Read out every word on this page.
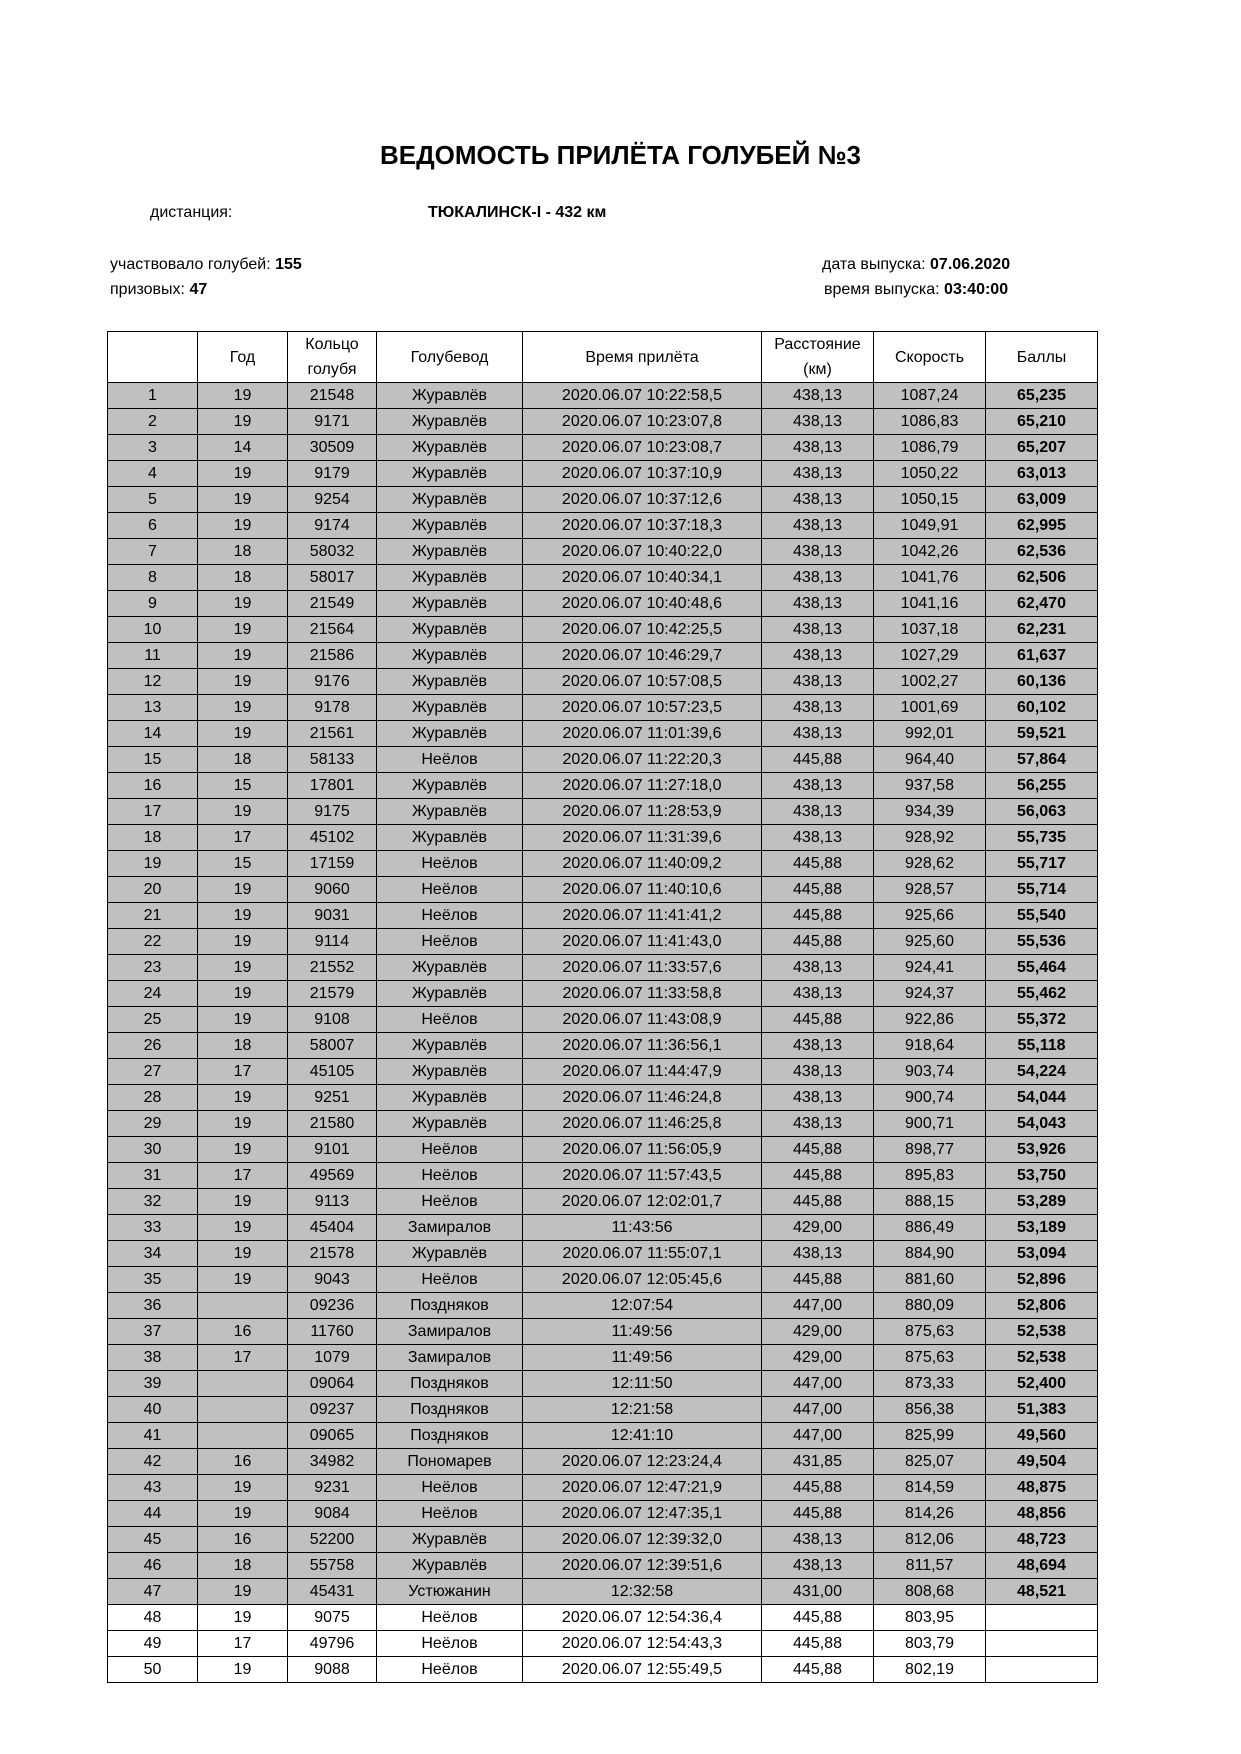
ВЕДОМОСТЬ ПРИЛЁТА ГОЛУБЕЙ №3
дистанция:	ТЮКАЛИНСК-I - 432 км
участвовало голубей: 155
призовых: 47
дата выпуска: 07.06.2020
время выпуска: 03:40:00
	Год	Кольцо голубя	Голубевод	Время прилёта	Расстояние (км)	Скорость	Баллы
1	19	21548	Журавлёв	2020.06.07 10:22:58,5	438,13	1087,24	65,235
2	19	9171	Журавлёв	2020.06.07 10:23:07,8	438,13	1086,83	65,210
3	14	30509	Журавлёв	2020.06.07 10:23:08,7	438,13	1086,79	65,207
4	19	9179	Журавлёв	2020.06.07 10:37:10,9	438,13	1050,22	63,013
5	19	9254	Журавлёв	2020.06.07 10:37:12,6	438,13	1050,15	63,009
6	19	9174	Журавлёв	2020.06.07 10:37:18,3	438,13	1049,91	62,995
7	18	58032	Журавлёв	2020.06.07 10:40:22,0	438,13	1042,26	62,536
8	18	58017	Журавлёв	2020.06.07 10:40:34,1	438,13	1041,76	62,506
9	19	21549	Журавлёв	2020.06.07 10:40:48,6	438,13	1041,16	62,470
10	19	21564	Журавлёв	2020.06.07 10:42:25,5	438,13	1037,18	62,231
11	19	21586	Журавлёв	2020.06.07 10:46:29,7	438,13	1027,29	61,637
12	19	9176	Журавлёв	2020.06.07 10:57:08,5	438,13	1002,27	60,136
13	19	9178	Журавлёв	2020.06.07 10:57:23,5	438,13	1001,69	60,102
14	19	21561	Журавлёв	2020.06.07 11:01:39,6	438,13	992,01	59,521
15	18	58133	Неёлов	2020.06.07 11:22:20,3	445,88	964,40	57,864
16	15	17801	Журавлёв	2020.06.07 11:27:18,0	438,13	937,58	56,255
17	19	9175	Журавлёв	2020.06.07 11:28:53,9	438,13	934,39	56,063
18	17	45102	Журавлёв	2020.06.07 11:31:39,6	438,13	928,92	55,735
19	15	17159	Неёлов	2020.06.07 11:40:09,2	445,88	928,62	55,717
20	19	9060	Неёлов	2020.06.07 11:40:10,6	445,88	928,57	55,714
21	19	9031	Неёлов	2020.06.07 11:41:41,2	445,88	925,66	55,540
22	19	9114	Неёлов	2020.06.07 11:41:43,0	445,88	925,60	55,536
23	19	21552	Журавлёв	2020.06.07 11:33:57,6	438,13	924,41	55,464
24	19	21579	Журавлёв	2020.06.07 11:33:58,8	438,13	924,37	55,462
25	19	9108	Неёлов	2020.06.07 11:43:08,9	445,88	922,86	55,372
26	18	58007	Журавлёв	2020.06.07 11:36:56,1	438,13	918,64	55,118
27	17	45105	Журавлёв	2020.06.07 11:44:47,9	438,13	903,74	54,224
28	19	9251	Журавлёв	2020.06.07 11:46:24,8	438,13	900,74	54,044
29	19	21580	Журавлёв	2020.06.07 11:46:25,8	438,13	900,71	54,043
30	19	9101	Неёлов	2020.06.07 11:56:05,9	445,88	898,77	53,926
31	17	49569	Неёлов	2020.06.07 11:57:43,5	445,88	895,83	53,750
32	19	9113	Неёлов	2020.06.07 12:02:01,7	445,88	888,15	53,289
33	19	45404	Замиралов	11:43:56	429,00	886,49	53,189
34	19	21578	Журавлёв	2020.06.07 11:55:07,1	438,13	884,90	53,094
35	19	9043	Неёлов	2020.06.07 12:05:45,6	445,88	881,60	52,896
36		09236	Поздняков	12:07:54	447,00	880,09	52,806
37	16	11760	Замиралов	11:49:56	429,00	875,63	52,538
38	17	1079	Замиралов	11:49:56	429,00	875,63	52,538
39		09064	Поздняков	12:11:50	447,00	873,33	52,400
40		09237	Поздняков	12:21:58	447,00	856,38	51,383
41		09065	Поздняков	12:41:10	447,00	825,99	49,560
42	16	34982	Пономарев	2020.06.07 12:23:24,4	431,85	825,07	49,504
43	19	9231	Неёлов	2020.06.07 12:47:21,9	445,88	814,59	48,875
44	19	9084	Неёлов	2020.06.07 12:47:35,1	445,88	814,26	48,856
45	16	52200	Журавлёв	2020.06.07 12:39:32,0	438,13	812,06	48,723
46	18	55758	Журавлёв	2020.06.07 12:39:51,6	438,13	811,57	48,694
47	19	45431	Устюжанин	12:32:58	431,00	808,68	48,521
48	19	9075	Неёлов	2020.06.07 12:54:36,4	445,88	803,95	
49	17	49796	Неёлов	2020.06.07 12:54:43,3	445,88	803,79	
50	19	9088	Неёлов	2020.06.07 12:55:49,5	445,88	802,19	
